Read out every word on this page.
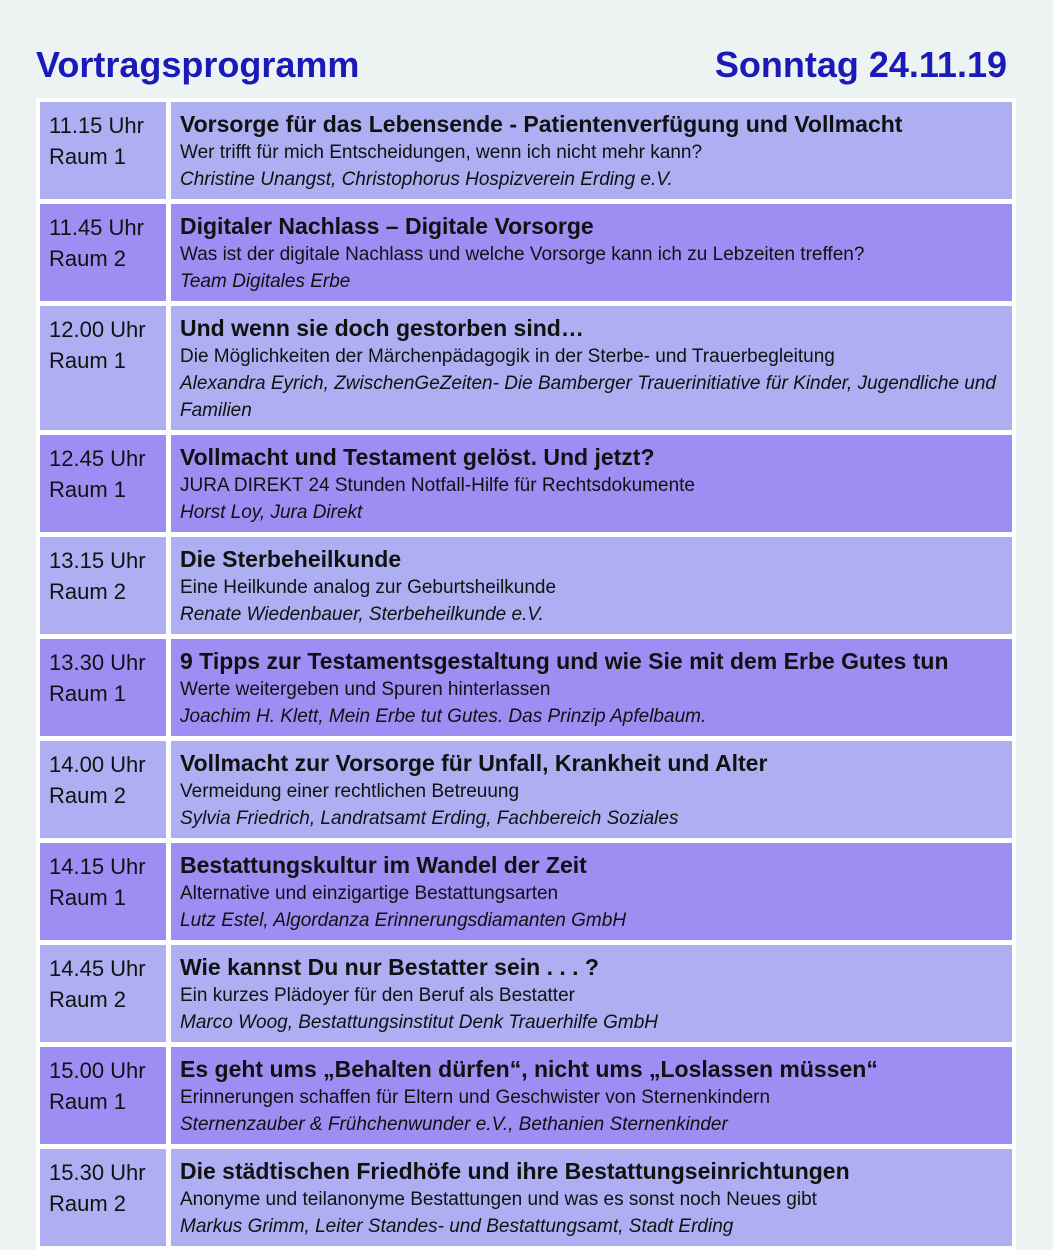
Vortragsprogramm	Sonntag 24.11.19
11.15 Uhr
Raum 1
Vorsorge für das Lebensende - Patientenverfügung und Vollmacht
Wer trifft für mich Entscheidungen, wenn ich nicht mehr kann?
Christine Unangst, Christophorus Hospizverein Erding e.V.
11.45 Uhr
Raum 2
Digitaler Nachlass – Digitale Vorsorge
Was ist der digitale Nachlass und welche Vorsorge kann ich zu Lebzeiten treffen?
Team Digitales Erbe
12.00 Uhr
Raum 1
Und wenn sie doch gestorben sind…
Die Möglichkeiten der Märchenpädagogik in der Sterbe- und Trauerbegleitung
Alexandra Eyrich, ZwischenGeZeiten- Die Bamberger Trauerinitiative für Kinder, Jugendliche und Familien
12.45 Uhr
Raum 1
Vollmacht und Testament gelöst. Und jetzt?
JURA DIREKT 24 Stunden Notfall-Hilfe für Rechtsdokumente
Horst Loy, Jura Direkt
13.15 Uhr
Raum 2
Die Sterbeheilkunde
Eine Heilkunde analog zur Geburtsheilkunde
Renate Wiedenbauer, Sterbeheilkunde e.V.
13.30 Uhr
Raum 1
9 Tipps zur Testamentsgestaltung und wie Sie mit dem Erbe Gutes tun
Werte weitergeben und Spuren hinterlassen
Joachim H. Klett, Mein Erbe tut Gutes. Das Prinzip Apfelbaum.
14.00 Uhr
Raum 2
Vollmacht zur Vorsorge für Unfall, Krankheit und Alter
Vermeidung einer rechtlichen Betreuung
Sylvia Friedrich, Landratsamt Erding, Fachbereich Soziales
14.15 Uhr
Raum 1
Bestattungskultur im Wandel der Zeit
Alternative und einzigartige Bestattungsarten
Lutz Estel, Algordanza Erinnerungsdiamanten GmbH
14.45 Uhr
Raum 2
Wie kannst Du nur Bestatter sein . . . ?
Ein kurzes Plädoyer für den Beruf als Bestatter
Marco Woog, Bestattungsinstitut Denk Trauerhilfe GmbH
15.00 Uhr
Raum 1
Es geht ums „Behalten dürfen“, nicht ums „Loslassen müssen“
Erinnerungen schaffen für Eltern und Geschwister von Sternenkindern
Sternenzauber & Frühchenwunder e.V., Bethanien Sternenkinder
15.30 Uhr
Raum 2
Die städtischen Friedhöfe und ihre Bestattungseinrichtungen
Anonyme und teilanonyme Bestattungen und was es sonst noch Neues gibt
Markus Grimm, Leiter Standes- und Bestattungsamt, Stadt Erding
